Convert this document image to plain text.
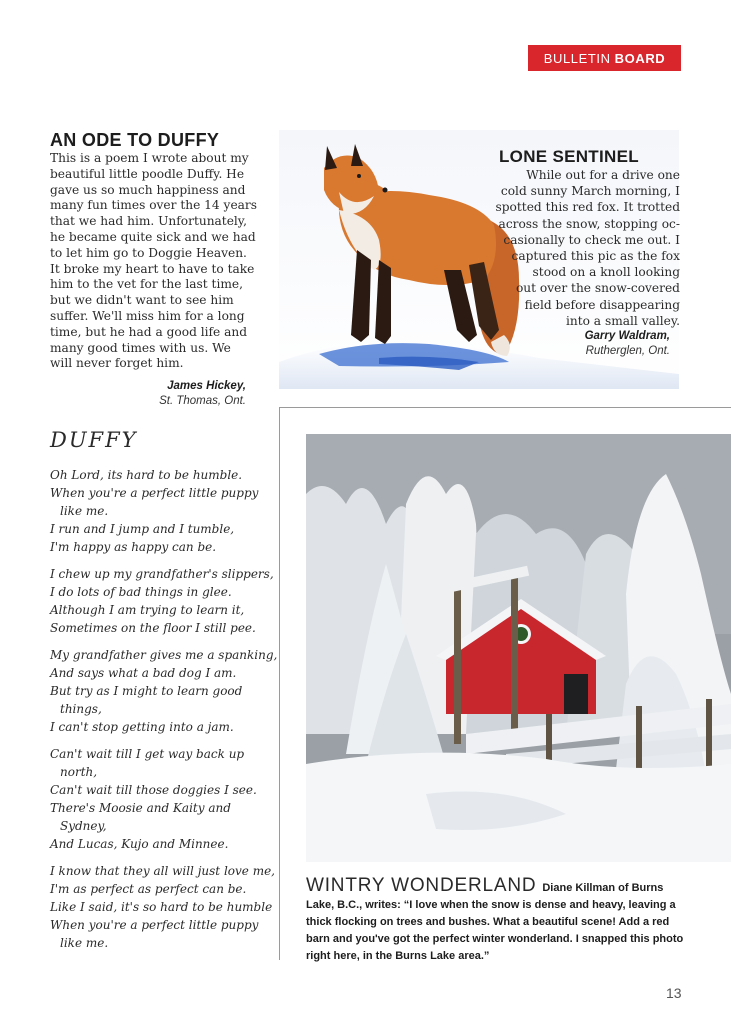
BULLETIN BOARD
AN ODE TO DUFFY
This is a poem I wrote about my
beautiful little poodle Duffy. He
gave us so much happiness and
many fun times over the 14 years
that we had him. Unfortunately,
he became quite sick and we had
to let him go to Doggie Heaven.
It broke my heart to have to take
him to the vet for the last time,
but we didn't want to see him
suffer. We'll miss him for a long
time, but he had a good life and
many good times with us. We
will never forget him.
James Hickey,
St. Thomas, Ont.
DUFFY
Oh Lord, its hard to be humble.
When you're a perfect little puppy like me.
I run and I jump and I tumble,
I'm happy as happy can be.
I chew up my grandfather's slippers,
I do lots of bad things in glee.
Although I am trying to learn it,
Sometimes on the floor I still pee.
My grandfather gives me a spanking,
And says what a bad dog I am.
But try as I might to learn good things,
I can't stop getting into a jam.
Can't wait till I get way back up north,
Can't wait till those doggies I see.
There's Moosie and Kaity and Sydney,
And Lucas, Kujo and Minnee.
I know that they all will just love me,
I'm as perfect as perfect can be.
Like I said, it's so hard to be humble
When you're a perfect little puppy like me.
LONE SENTINEL
While out for a drive one
cold sunny March morning, I
spotted this red fox. It trotted
across the snow, stopping oc-
casionally to check me out. I
captured this pic as the fox
stood on a knoll looking
out over the snow-covered
field before disappearing
into a small valley.
Garry Waldram,
Rutherglen, Ont.
WINTRY WONDERLAND Diane Killman of Burns Lake, B.C., writes: “I love when the snow is dense and heavy, leaving a thick flocking on trees and bushes. What a beautiful scene! Add a red barn and you've got the perfect winter wonderland. I snapped this photo right here, in the Burns Lake area.”
13
